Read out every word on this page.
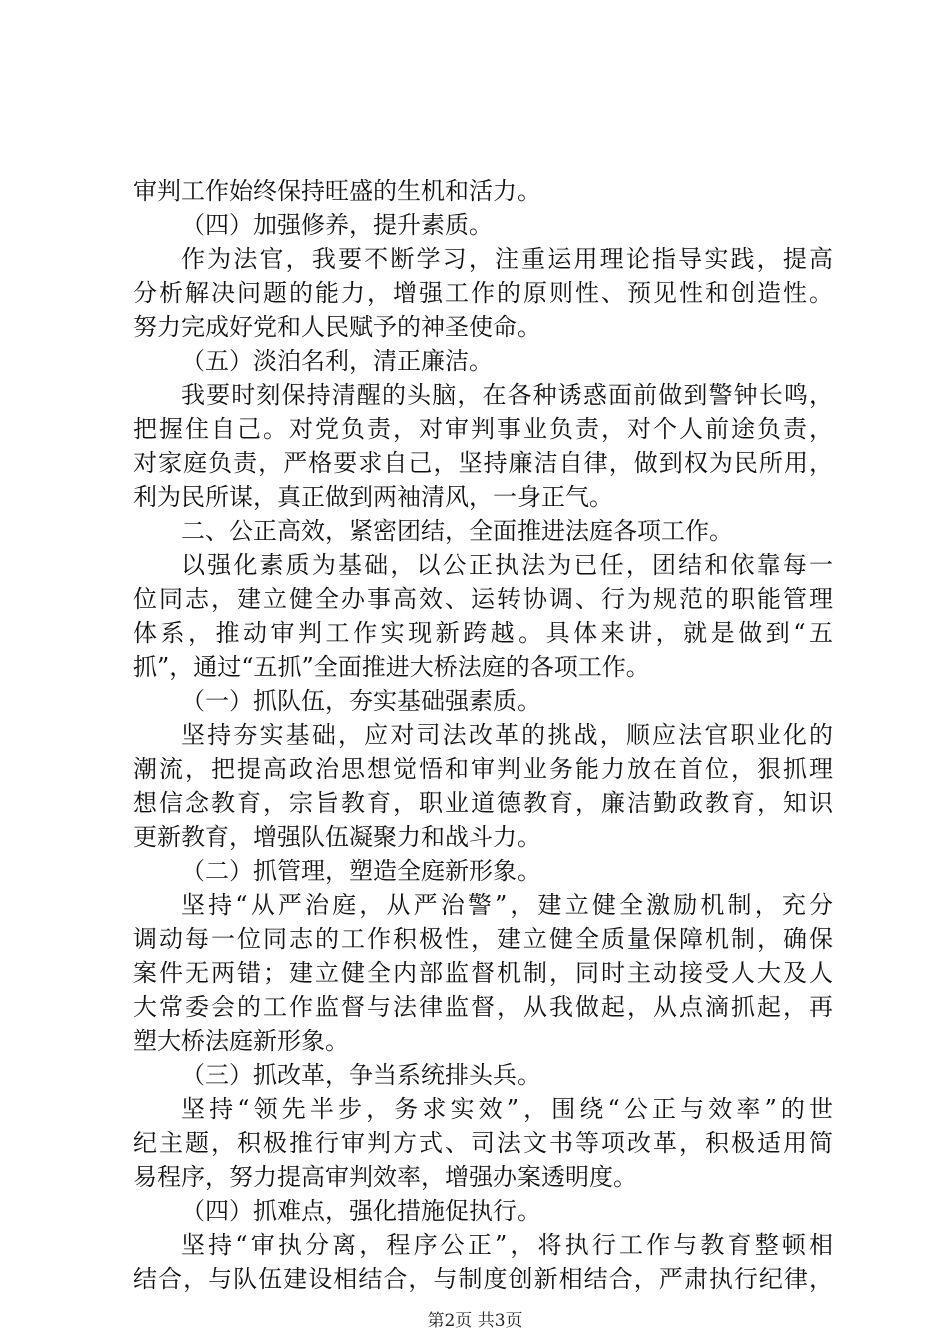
审判工作始终保持旺盛的生机和活力。
（四）加强修养，提升素质。
作为法官，我要不断学习，注重运用理论指导实践，提高
分析解决问题的能力，增强工作的原则性、预见性和创造性。
努力完成好党和人民赋予的神圣使命。
（五）淡泊名利，清正廉洁。
我要时刻保持清醒的头脑，在各种诱惑面前做到警钟长鸣，
把握住自己。对党负责，对审判事业负责，对个人前途负责，
对家庭负责，严格要求自己，坚持廉洁自律，做到权为民所用，
利为民所谋，真正做到两袖清风，一身正气。
二、公正高效，紧密团结，全面推进法庭各项工作。
以强化素质为基础，以公正执法为已任，团结和依靠每一
位同志，建立健全办事高效、运转协调、行为规范的职能管理
体系，推动审判工作实现新跨越。具体来讲，就是做到“五
抓”，通过“五抓”全面推进大桥法庭的各项工作。
（一）抓队伍，夯实基础强素质。
坚持夯实基础，应对司法改革的挑战，顺应法官职业化的
潮流，把提高政治思想觉悟和审判业务能力放在首位，狠抓理
想信念教育，宗旨教育，职业道德教育，廉洁勤政教育，知识
更新教育，增强队伍凝聚力和战斗力。
（二）抓管理，塑造全庭新形象。
坚持“从严治庭，从严治警”，建立健全激励机制，充分
调动每一位同志的工作积极性，建立健全质量保障机制，确保
案件无两错；建立健全内部监督机制，同时主动接受人大及人
大常委会的工作监督与法律监督，从我做起，从点滴抓起，再
塑大桥法庭新形象。
（三）抓改革，争当系统排头兵。
坚持“领先半步，务求实效”，围绕“公正与效率”的世
纪主题，积极推行审判方式、司法文书等项改革，积极适用简
易程序，努力提高审判效率，增强办案透明度。
（四）抓难点，强化措施促执行。
坚持“审执分离，程序公正”，将执行工作与教育整顿相
结合，与队伍建设相结合，与制度创新相结合，严肃执行纪律，
第2页 共3页
